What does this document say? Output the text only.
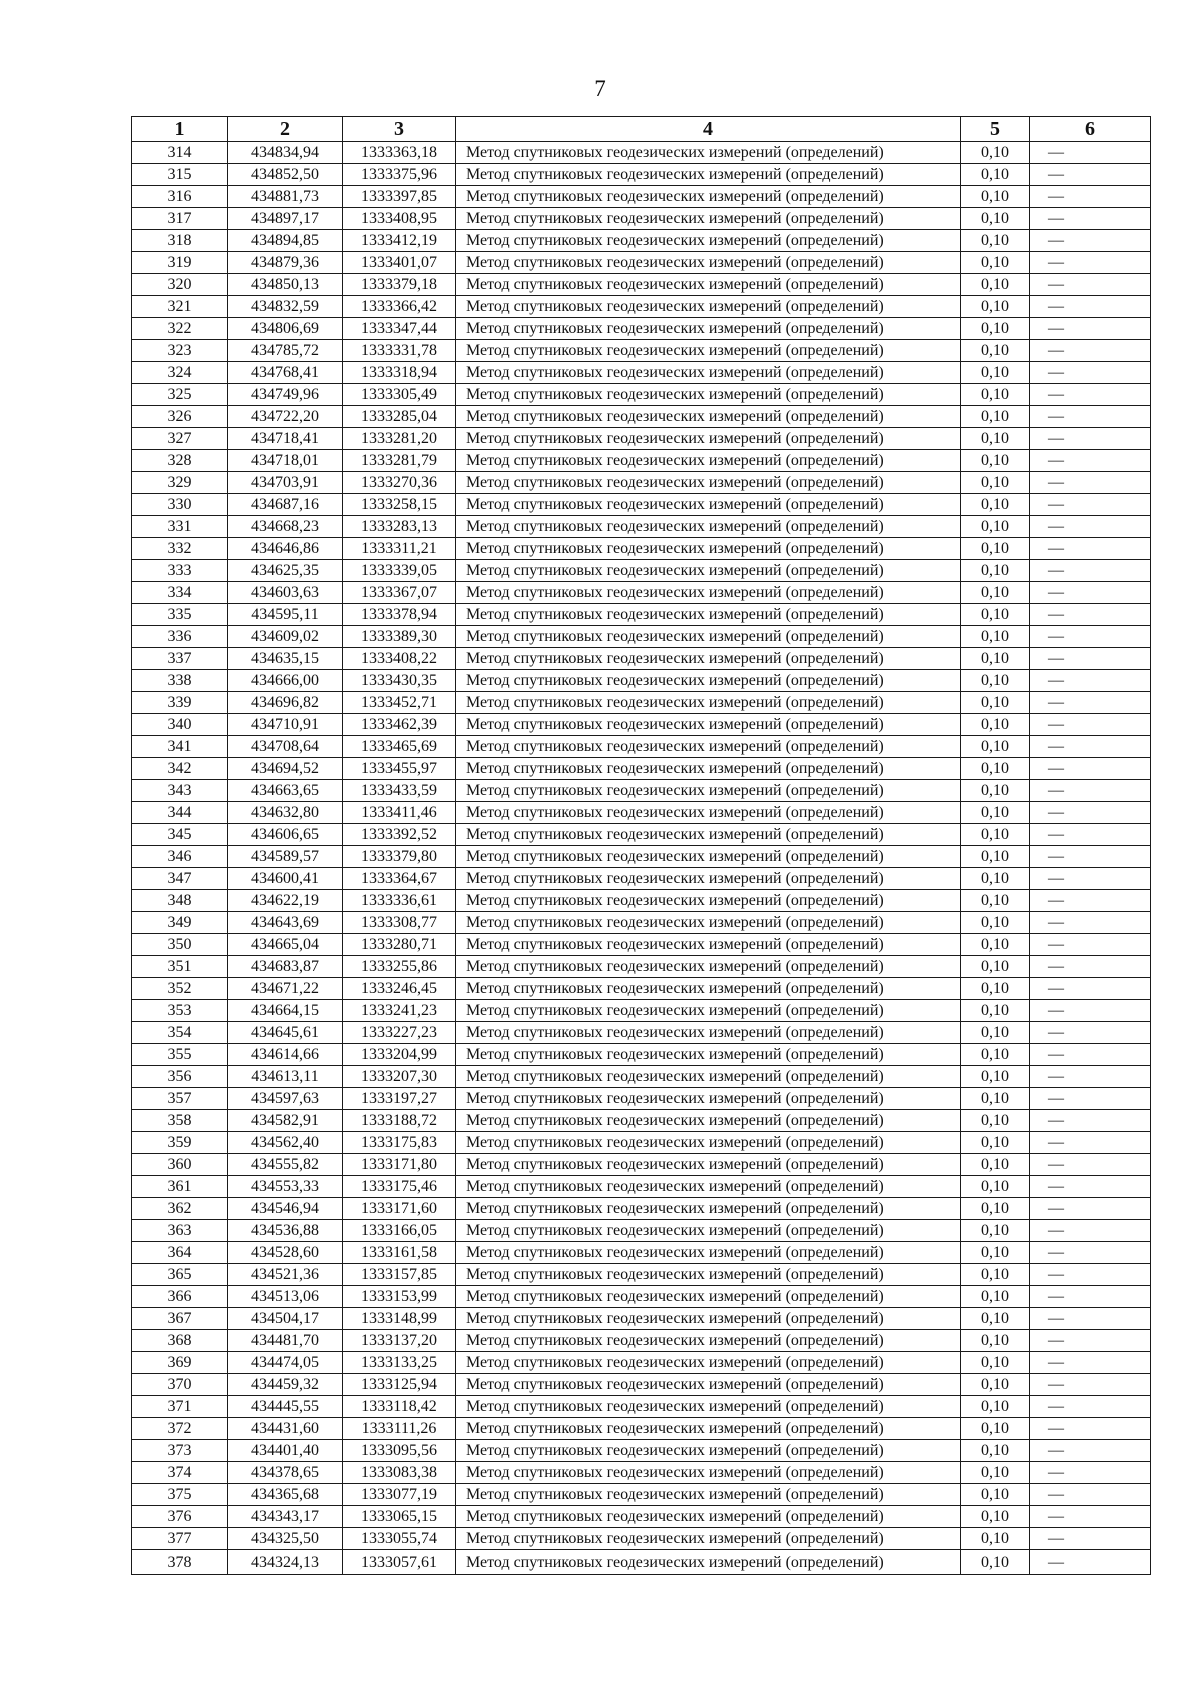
7
1	2	3	4	5	6
314	434834,94	1333363,18	Метод спутниковых геодезических измерений (определений)	0,10	—
315	434852,50	1333375,96	Метод спутниковых геодезических измерений (определений)	0,10	—
316	434881,73	1333397,85	Метод спутниковых геодезических измерений (определений)	0,10	—
317	434897,17	1333408,95	Метод спутниковых геодезических измерений (определений)	0,10	—
318	434894,85	1333412,19	Метод спутниковых геодезических измерений (определений)	0,10	—
319	434879,36	1333401,07	Метод спутниковых геодезических измерений (определений)	0,10	—
320	434850,13	1333379,18	Метод спутниковых геодезических измерений (определений)	0,10	—
321	434832,59	1333366,42	Метод спутниковых геодезических измерений (определений)	0,10	—
322	434806,69	1333347,44	Метод спутниковых геодезических измерений (определений)	0,10	—
323	434785,72	1333331,78	Метод спутниковых геодезических измерений (определений)	0,10	—
324	434768,41	1333318,94	Метод спутниковых геодезических измерений (определений)	0,10	—
325	434749,96	1333305,49	Метод спутниковых геодезических измерений (определений)	0,10	—
326	434722,20	1333285,04	Метод спутниковых геодезических измерений (определений)	0,10	—
327	434718,41	1333281,20	Метод спутниковых геодезических измерений (определений)	0,10	—
328	434718,01	1333281,79	Метод спутниковых геодезических измерений (определений)	0,10	—
329	434703,91	1333270,36	Метод спутниковых геодезических измерений (определений)	0,10	—
330	434687,16	1333258,15	Метод спутниковых геодезических измерений (определений)	0,10	—
331	434668,23	1333283,13	Метод спутниковых геодезических измерений (определений)	0,10	—
332	434646,86	1333311,21	Метод спутниковых геодезических измерений (определений)	0,10	—
333	434625,35	1333339,05	Метод спутниковых геодезических измерений (определений)	0,10	—
334	434603,63	1333367,07	Метод спутниковых геодезических измерений (определений)	0,10	—
335	434595,11	1333378,94	Метод спутниковых геодезических измерений (определений)	0,10	—
336	434609,02	1333389,30	Метод спутниковых геодезических измерений (определений)	0,10	—
337	434635,15	1333408,22	Метод спутниковых геодезических измерений (определений)	0,10	—
338	434666,00	1333430,35	Метод спутниковых геодезических измерений (определений)	0,10	—
339	434696,82	1333452,71	Метод спутниковых геодезических измерений (определений)	0,10	—
340	434710,91	1333462,39	Метод спутниковых геодезических измерений (определений)	0,10	—
341	434708,64	1333465,69	Метод спутниковых геодезических измерений (определений)	0,10	—
342	434694,52	1333455,97	Метод спутниковых геодезических измерений (определений)	0,10	—
343	434663,65	1333433,59	Метод спутниковых геодезических измерений (определений)	0,10	—
344	434632,80	1333411,46	Метод спутниковых геодезических измерений (определений)	0,10	—
345	434606,65	1333392,52	Метод спутниковых геодезических измерений (определений)	0,10	—
346	434589,57	1333379,80	Метод спутниковых геодезических измерений (определений)	0,10	—
347	434600,41	1333364,67	Метод спутниковых геодезических измерений (определений)	0,10	—
348	434622,19	1333336,61	Метод спутниковых геодезических измерений (определений)	0,10	—
349	434643,69	1333308,77	Метод спутниковых геодезических измерений (определений)	0,10	—
350	434665,04	1333280,71	Метод спутниковых геодезических измерений (определений)	0,10	—
351	434683,87	1333255,86	Метод спутниковых геодезических измерений (определений)	0,10	—
352	434671,22	1333246,45	Метод спутниковых геодезических измерений (определений)	0,10	—
353	434664,15	1333241,23	Метод спутниковых геодезических измерений (определений)	0,10	—
354	434645,61	1333227,23	Метод спутниковых геодезических измерений (определений)	0,10	—
355	434614,66	1333204,99	Метод спутниковых геодезических измерений (определений)	0,10	—
356	434613,11	1333207,30	Метод спутниковых геодезических измерений (определений)	0,10	—
357	434597,63	1333197,27	Метод спутниковых геодезических измерений (определений)	0,10	—
358	434582,91	1333188,72	Метод спутниковых геодезических измерений (определений)	0,10	—
359	434562,40	1333175,83	Метод спутниковых геодезических измерений (определений)	0,10	—
360	434555,82	1333171,80	Метод спутниковых геодезических измерений (определений)	0,10	—
361	434553,33	1333175,46	Метод спутниковых геодезических измерений (определений)	0,10	—
362	434546,94	1333171,60	Метод спутниковых геодезических измерений (определений)	0,10	—
363	434536,88	1333166,05	Метод спутниковых геодезических измерений (определений)	0,10	—
364	434528,60	1333161,58	Метод спутниковых геодезических измерений (определений)	0,10	—
365	434521,36	1333157,85	Метод спутниковых геодезических измерений (определений)	0,10	—
366	434513,06	1333153,99	Метод спутниковых геодезических измерений (определений)	0,10	—
367	434504,17	1333148,99	Метод спутниковых геодезических измерений (определений)	0,10	—
368	434481,70	1333137,20	Метод спутниковых геодезических измерений (определений)	0,10	—
369	434474,05	1333133,25	Метод спутниковых геодезических измерений (определений)	0,10	—
370	434459,32	1333125,94	Метод спутниковых геодезических измерений (определений)	0,10	—
371	434445,55	1333118,42	Метод спутниковых геодезических измерений (определений)	0,10	—
372	434431,60	1333111,26	Метод спутниковых геодезических измерений (определений)	0,10	—
373	434401,40	1333095,56	Метод спутниковых геодезических измерений (определений)	0,10	—
374	434378,65	1333083,38	Метод спутниковых геодезических измерений (определений)	0,10	—
375	434365,68	1333077,19	Метод спутниковых геодезических измерений (определений)	0,10	—
376	434343,17	1333065,15	Метод спутниковых геодезических измерений (определений)	0,10	—
377	434325,50	1333055,74	Метод спутниковых геодезических измерений (определений)	0,10	—
378	434324,13	1333057,61	Метод спутниковых геодезических измерений (определений)	0,10	—
